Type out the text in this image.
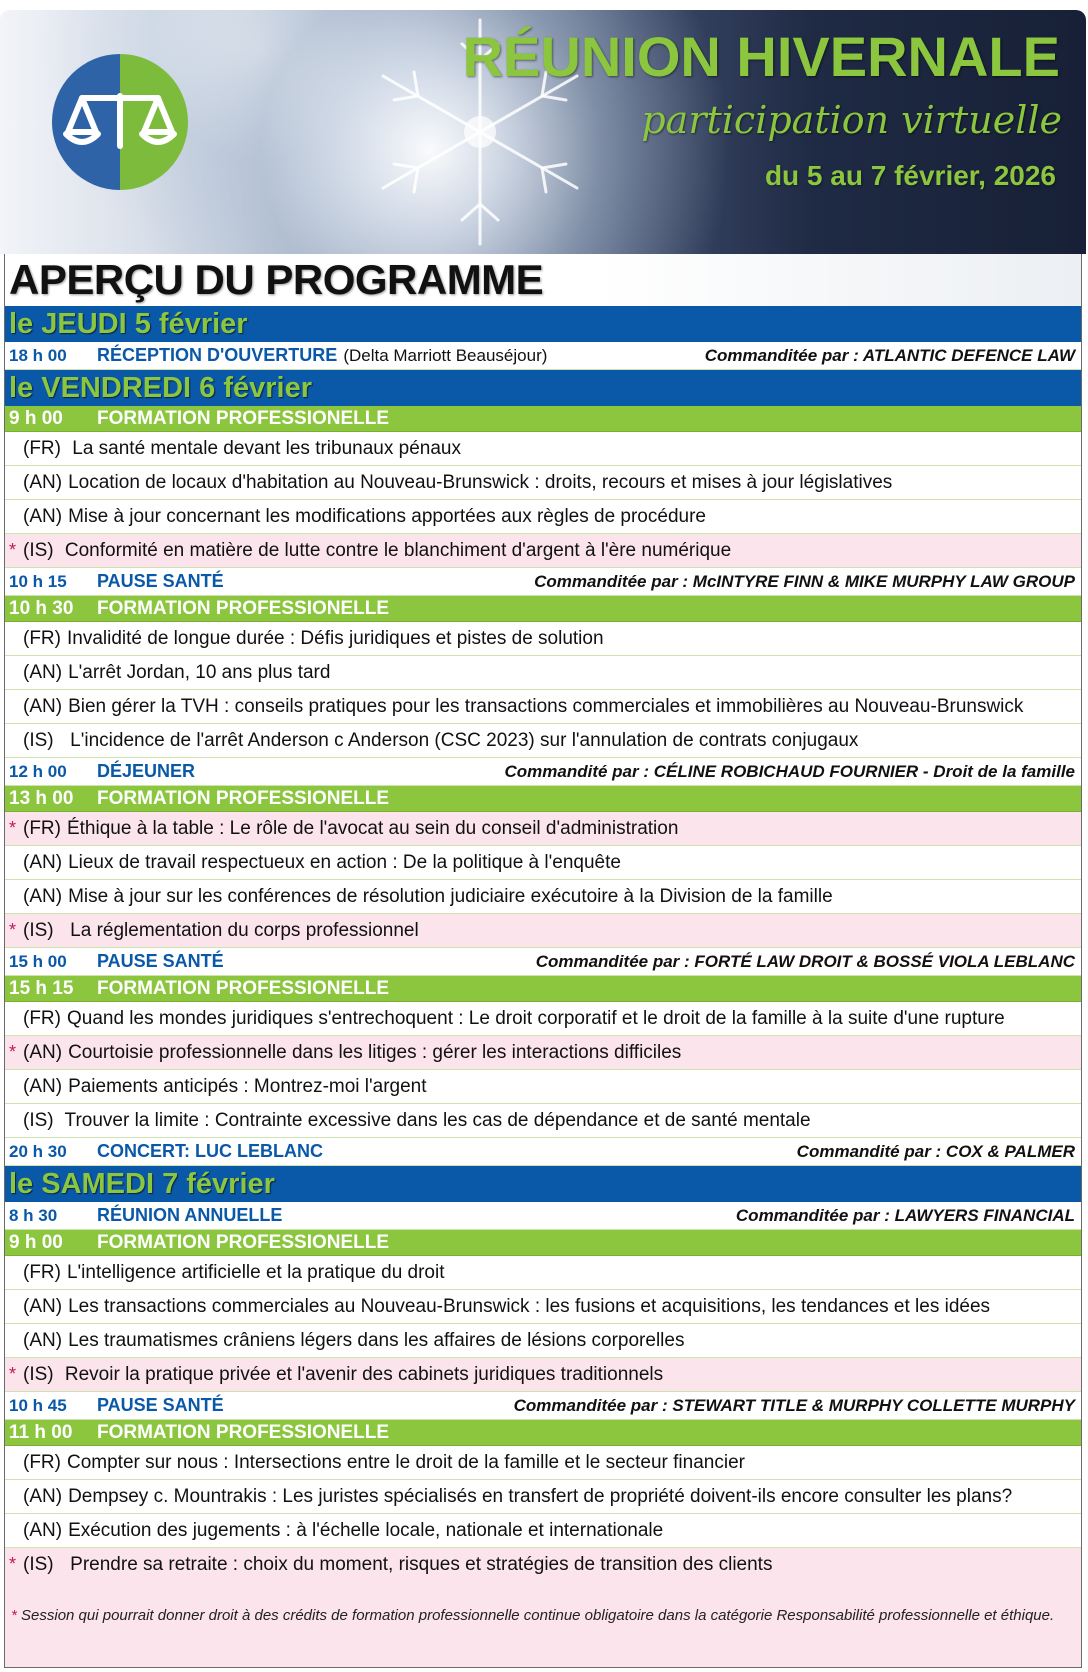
RÉUNION HIVERNALE
participation virtuelle
du 5 au 7 février, 2026
APERÇU DU PROGRAMME
le JEUDI 5 février
18 h 00	RÉCEPTION D'OUVERTURE (Delta Marriott Beauséjour)	Commanditée par : ATLANTIC DEFENCE LAW
le VENDREDI 6 février
9 h 00	FORMATION PROFESSIONELLE
(FR) La santé mentale devant les tribunaux pénaux
(AN) Location de locaux d'habitation au Nouveau-Brunswick : droits, recours et mises à jour législatives
(AN) Mise à jour concernant les modifications apportées aux règles de procédure
* (IS) Conformité en matière de lutte contre le blanchiment d'argent à l'ère numérique
10 h 15	PAUSE SANTÉ	Commanditée par : McINTYRE FINN & MIKE MURPHY LAW GROUP
10 h 30	FORMATION PROFESSIONELLE
(FR) Invalidité de longue durée : Défis juridiques et pistes de solution
(AN) L'arrêt Jordan, 10 ans plus tard
(AN) Bien gérer la TVH : conseils pratiques pour les transactions commerciales et immobilières au Nouveau-Brunswick
(IS) L'incidence de l'arrêt Anderson c Anderson (CSC 2023) sur l'annulation de contrats conjugaux
12 h 00	DÉJEUNER	Commandité par : CÉLINE ROBICHAUD FOURNIER - Droit de la famille
13 h 00	FORMATION PROFESSIONELLE
* (FR) Éthique à la table : Le rôle de l'avocat au sein du conseil d'administration
(AN) Lieux de travail respectueux en action : De la politique à l'enquête
(AN) Mise à jour sur les conférences de résolution judiciaire exécutoire à la Division de la famille
* (IS) La réglementation du corps professionnel
15 h 00	PAUSE SANTÉ	Commanditée par : FORTÉ LAW DROIT & BOSSÉ VIOLA LEBLANC
15 h 15	FORMATION PROFESSIONELLE
(FR) Quand les mondes juridiques s'entrechoquent : Le droit corporatif et le droit de la famille à la suite d'une rupture
* (AN) Courtoisie professionnelle dans les litiges : gérer les interactions difficiles
(AN) Paiements anticipés : Montrez-moi l'argent
(IS) Trouver la limite : Contrainte excessive dans les cas de dépendance et de santé mentale
20 h 30	CONCERT: LUC LEBLANC	Commandité par : COX & PALMER
le SAMEDI 7 février
8 h 30	RÉUNION ANNUELLE	Commanditée par : LAWYERS FINANCIAL
9 h 00	FORMATION PROFESSIONELLE
(FR) L'intelligence artificielle et la pratique du droit
(AN) Les transactions commerciales au Nouveau-Brunswick : les fusions et acquisitions, les tendances et les idées
(AN) Les traumatismes crâniens légers dans les affaires de lésions corporelles
* (IS) Revoir la pratique privée et l'avenir des cabinets juridiques traditionnels
10 h 45	PAUSE SANTÉ	Commanditée par : STEWART TITLE & MURPHY COLLETTE MURPHY
11 h 00	FORMATION PROFESSIONELLE
(FR) Compter sur nous : Intersections entre le droit de la famille et le secteur financier
(AN) Dempsey c. Mountrakis : Les juristes spécialisés en transfert de propriété doivent-ils encore consulter les plans?
(AN) Exécution des jugements : à l'échelle locale, nationale et internationale
* (IS) Prendre sa retraite : choix du moment, risques et stratégies de transition des clients
* Session qui pourrait donner droit à des crédits de formation professionnelle continue obligatoire dans la catégorie Responsabilité professionnelle et éthique.
